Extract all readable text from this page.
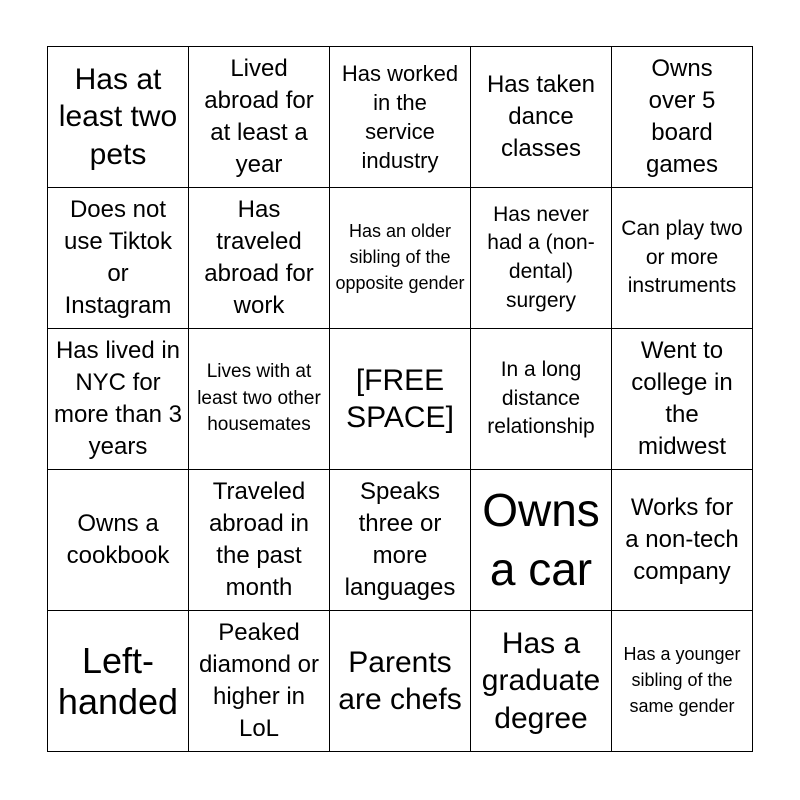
Has at least two pets
Lived abroad for at least a year
Has worked in the service industry
Has taken dance classes
Owns over 5 board games
Does not use Tiktok or Instagram
Has traveled abroad for work
Has an older sibling of the opposite gender
Has never had a (non-dental) surgery
Can play two or more instruments
Has lived in NYC for more than 3 years
Lives with at least two other housemates
[FREE SPACE]
In a long distance relationship
Went to college in the midwest
Owns a cookbook
Traveled abroad in the past month
Speaks three or more languages
Owns a car
Works for a non-tech company
Left-handed
Peaked diamond or higher in LoL
Parents are chefs
Has a graduate degree
Has a younger sibling of the same gender
